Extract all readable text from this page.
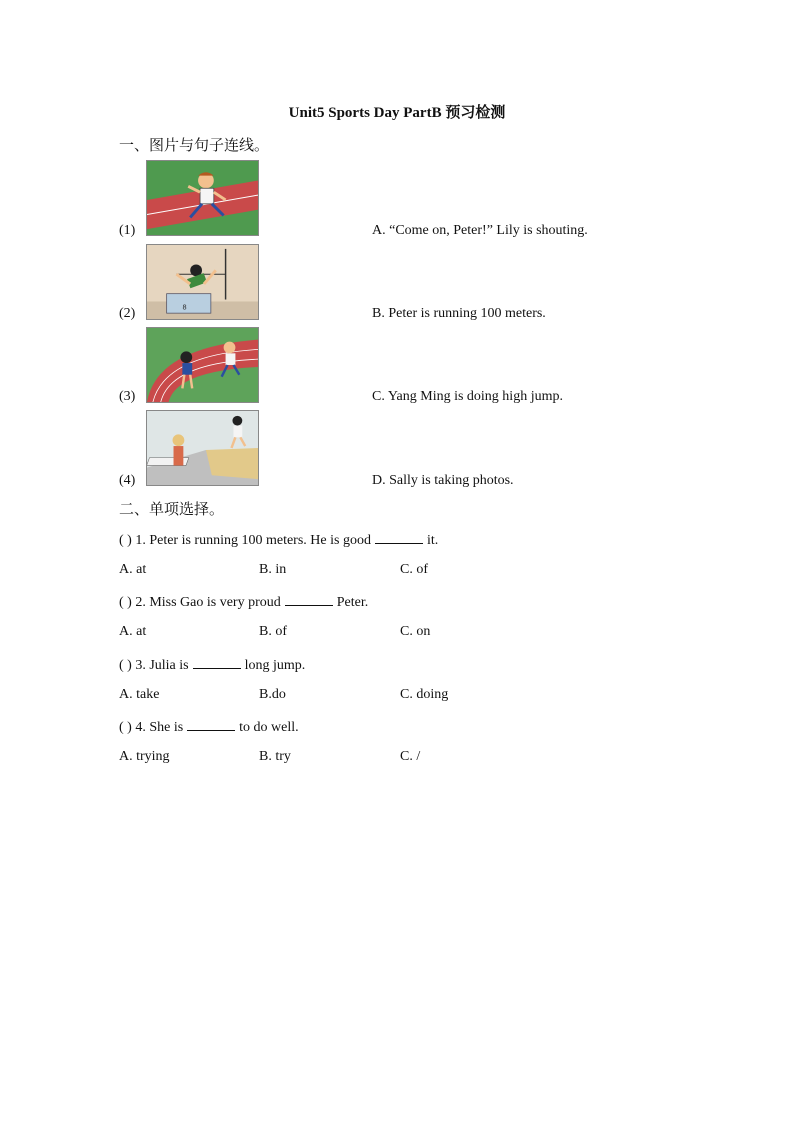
Unit5 Sports Day PartB 预习检测
一、图片与句子连线。
(1)	A. “Come on, Peter!” Lily is shouting.
8
(2)	B. Peter is running 100 meters.
(3)	C. Yang Ming is doing high jump.
(4)	D. Sally is taking photos.
二、单项选择。
( ) 1. Peter is running 100 meters. He is good	it.
A. at	B. in	C. of
( ) 2. Miss Gao is very proud	Peter.
A. at	B. of	C. on
( ) 3. Julia is	long jump.
A. take	B.do	C. doing
( ) 4. She is	to do well.
A. trying	B. try	C. /
